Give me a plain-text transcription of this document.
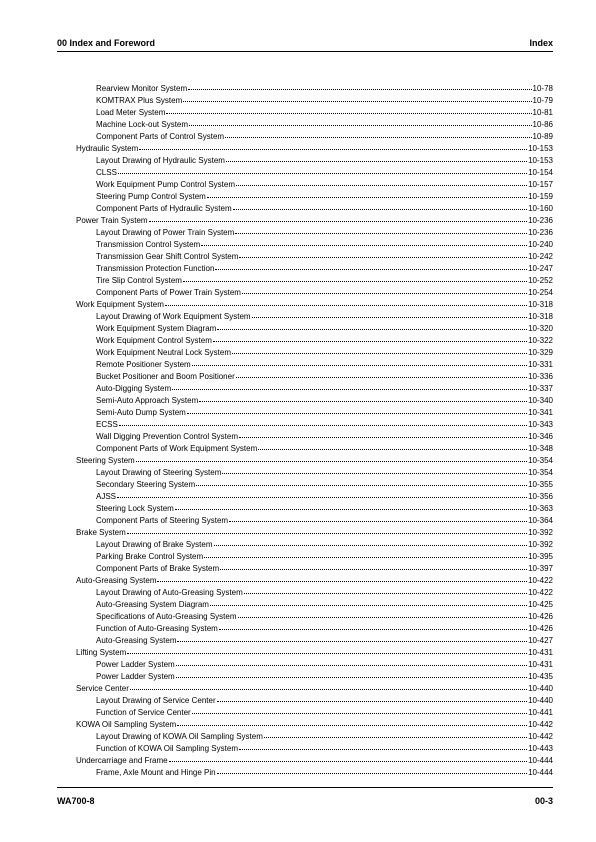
00 Index and Foreword	Index
Rearview Monitor System	10-78
KOMTRAX Plus System	10-79
Load Meter System	10-81
Machine Lock-out System	10-86
Component Parts of Control System	10-89
Hydraulic System	10-153
Layout Drawing of Hydraulic System	10-153
CLSS	10-154
Work Equipment Pump Control System	10-157
Steering Pump Control System	10-159
Component Parts of Hydraulic System	10-160
Power Train System	10-236
Layout Drawing of Power Train System	10-236
Transmission Control System	10-240
Transmission Gear Shift Control System	10-242
Transmission Protection Function	10-247
Tire Slip Control System	10-252
Component Parts of Power Train System	10-254
Work Equipment System	10-318
Layout Drawing of Work Equipment System	10-318
Work Equipment System Diagram	10-320
Work Equipment Control System	10-322
Work Equipment Neutral Lock System	10-329
Remote Positioner System	10-331
Bucket Positioner and Boom Positioner	10-336
Auto-Digging System	10-337
Semi-Auto Approach System	10-340
Semi-Auto Dump System	10-341
ECSS	10-343
Wall Digging Prevention Control System	10-346
Component Parts of Work Equipment System	10-348
Steering System	10-354
Layout Drawing of Steering System	10-354
Secondary Steering System	10-355
AJSS	10-356
Steering Lock System	10-363
Component Parts of Steering System	10-364
Brake System	10-392
Layout Drawing of Brake System	10-392
Parking Brake Control System	10-395
Component Parts of Brake System	10-397
Auto-Greasing System	10-422
Layout Drawing of Auto-Greasing System	10-422
Auto-Greasing System Diagram	10-425
Specifications of Auto-Greasing System	10-426
Function of Auto-Greasing System	10-426
Auto-Greasing System	10-427
Lifting System	10-431
Power Ladder System	10-431
Power Ladder System	10-435
Service Center	10-440
Layout Drawing of Service Center	10-440
Function of Service Center	10-441
KOWA Oil Sampling System	10-442
Layout Drawing of KOWA Oil Sampling System	10-442
Function of KOWA Oil Sampling System	10-443
Undercarriage and Frame	10-444
Frame, Axle Mount and Hinge Pin	10-444
WA700-8	00-3
